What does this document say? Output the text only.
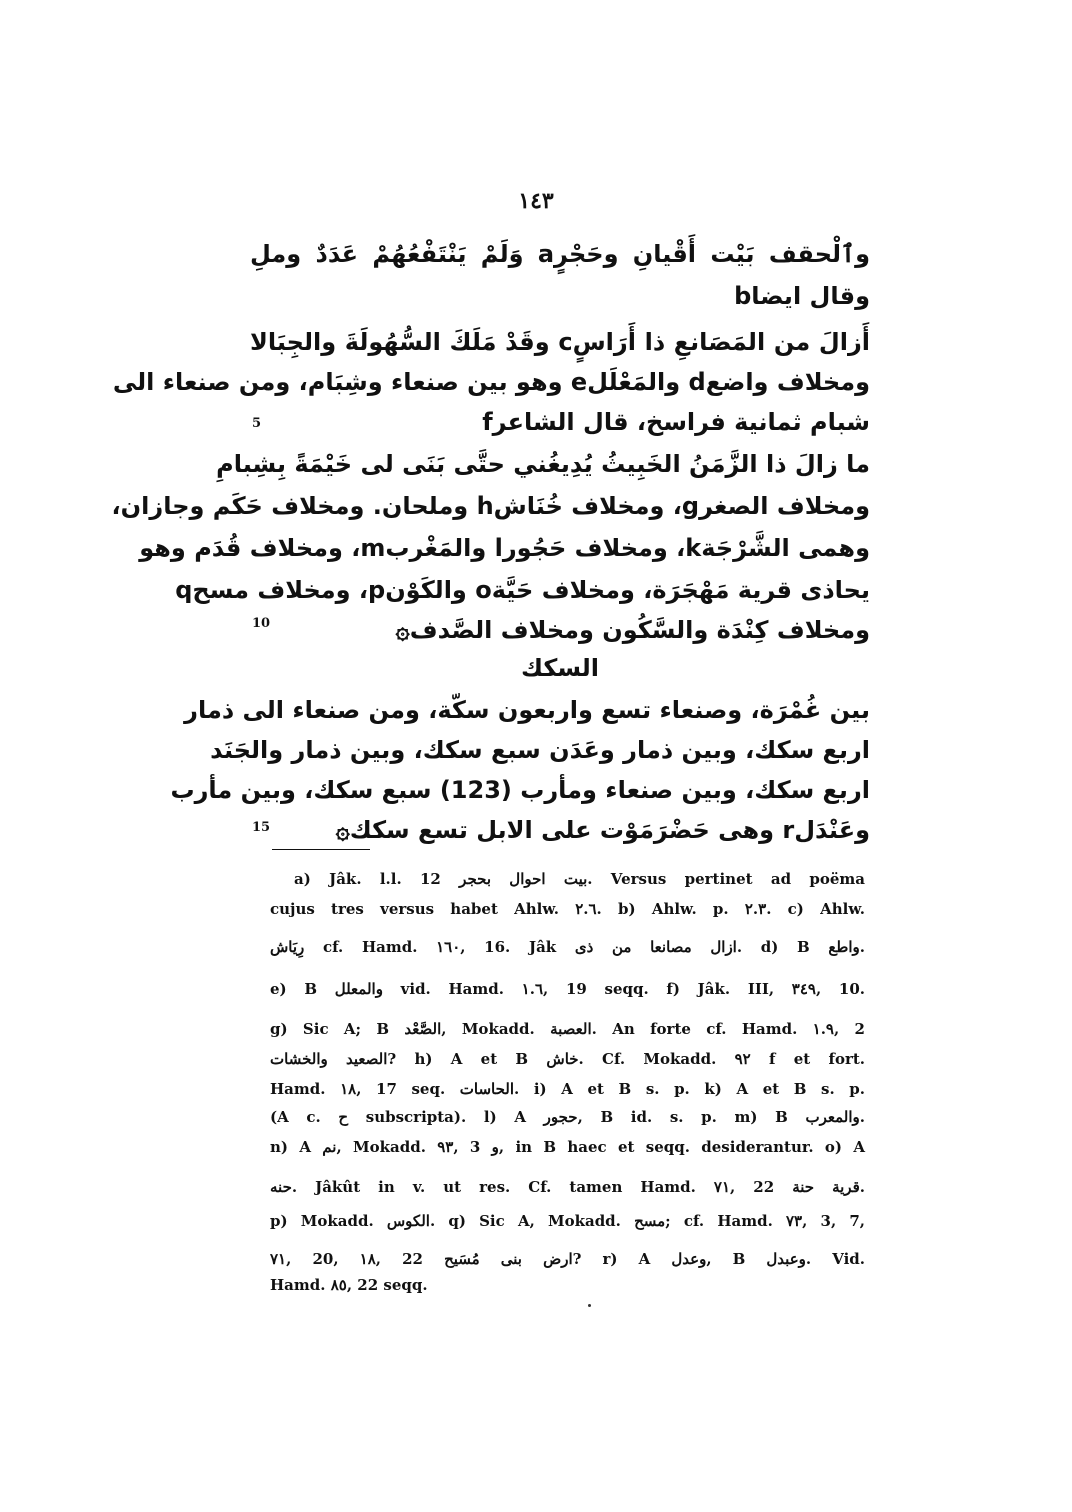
١٤٣
وٱلْحقف بَيْت أَقْيانِ وحَجْرٍa وَلَمْ يَنْتَفْعُهُمْ عَدَدٌ وملِ
وقال ايضاb
أَزالَ من المَصَانعِ ذا أَرَاسٍc وقَدْ مَلَكَ السُّهُولَةَ والجِبَالا
ومخلاف واضعd والمَعْلَلe وهو بين صنعاء وشِبَام، ومن صنعاء الى
شبام ثمانية فراسخ، قال الشاعرf
ما زالَ ذا الزَّمَنُ الخَبِيثُ يُدِيغُني حتَّى بَنَى لى خَيْمَةً بِشِبامِ
ومخلاف الصغرg، ومخلاف خُنَاشh وملحان. ومخلاف حَكَم وجازان،
وهمى الشَّرْجَةk، ومخلاف حَجُورl والمَغْربm، ومخلاف قُدَم وهو
يحاذى قرية مَهْجَرَة، ومخلاف حَيَّةo والكَوْنp، ومخلاف مسحq
ومخلاف كِنْدَة والسَّكُون ومخلاف الصَّدف۞
السكك
بين غُمْرَة، وصنعاء تسع واربعون سكّة، ومن صنعاء الى ذمار
اربع سكك، وبين ذمار وعَدَن سبع سكك، وبين ذمار والجَنَد
اربع سكك، وبين صنعاء ومأرب (123) سبع سكك، وبين مأرب
وعَنْدَلr وهى حَضْرَمَوْت على الابل تسع سكك۞
5
10
15
a) Jâk. l.l. 12 بيت احوال بحجر. Versus pertinet ad poëma
cujus tres versus habet Ahlw. ٢.٦. b) Ahlw. p. ٢.٣. c) Ahlw.
رِيَاش cf. Hamd. ١٦٠, 16. Jâk ازال مصانعا من ذى. d) B واطع.
e) B والمعلل vid. Hamd. ١.٦, 19 seqq. f) Jâk. III, ٣٤٩, 10.
g) Sic A; B الصَّعْد, Mokadd. العصبة. An forte cf. Hamd. ١.٩, 2
الصعيد والخشات? h) A et B خاش. Cf. Mokadd. ٩٢ f et fort.
Hamd. ١٨, 17 seq. الحاسات. i) A et B s. p. k) A et B s. p.
(A c. ح subscripta). l) A حجور, B id. s. p. m) B والمعرب.
n) A نم, Mokadd. ٩٣, 3 و, in B haec et seqq. desiderantur. o) A
حنه. Jâkût in v. ut res. Cf. tamen Hamd. ٧١, 22 قرية حنة.
p) Mokadd. الكوس. q) Sic A, Mokadd. مسح; cf. Hamd. ٧٣, 3, 7,
٧١, 20, ١٨, 22 ارض بنى مُسَيح? r) A وعدل, B وعبدل. Vid.
Hamd. ٨٥, 22 seqq.
